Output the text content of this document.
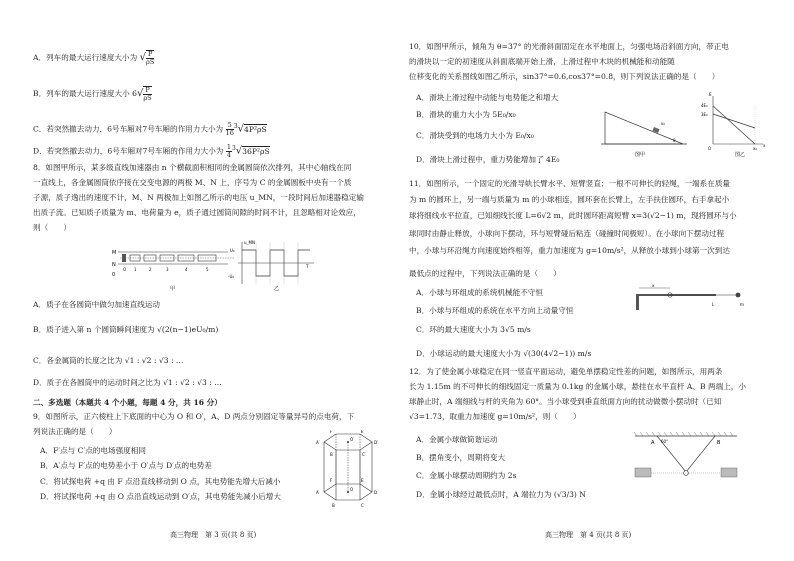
A．列车的最大运行速度大小为 √ $\frac{P}{\rho S}$
B．列车的最大运行速度大小 $6√ \frac{P}{\rho S}$
C．若突然撤去动力，6号车厢对7号车厢的作用力大小为 $\frac{5}{16}^3√4P^2\rho S$
D．若突然撤去动力，6号车厢对7号车厢的作用力大小为 $\frac{1}{4}^3√36P^2\rho S$
8．如图甲所示，某多级直线加速器由 n 个横截面积相同的金属圆筒依次排列，其中心轴线在同
一直线上，各金属圆筒依序接在交变电源的两极 M、N 上，序号为 C 的金属圆板中央有一个质
子源，质子逸出的速度不计，M、N 两极加上如图乙所示的电压 u_MN，一段时间后加速器稳定输
出质子流。已知质子质量为 m、电荷量为 e，质子通过圆筒间隙的时间不计，且忽略相对论效应，
则（　　）
M
N
0
O 1	2	3	4	5
甲
U₀
-U₀
u_MN
T
乙
A．质子在各圆筒中做匀加速直线运动
B．质子进入第 n 个圆筒瞬间速度为 √(2(n−1)eU₀/m)
C．各金属筒的长度之比为 √1 : √2 : √3 : …
D．质子在各圆筒中的运动时间之比为 √1 : √2 : √3 : …
二、多选题（本题共 4 个小题，每题 4 分，共 16 分）
9．如图所示，正六棱柱上下底面的中心为 O 和 O′，A、D 两点分别固定等量异号的点电荷，下
列说法正确的是（　　）
A．F′点与 C′点的电场强度相同
B．A′点与 F′点的电势差小于 O′点与 D′点的电势差
C．将试探电荷 +q 由 F 点沿直线移动到 O 点，其电势能先增大后减小
D．将试探电荷 +q 由 O 点沿直线运动到 O′点，其电势能先减小后增大
F′	E′
O′
D′
A′
B′	C′
F	E
O
D
A
B	C
高三物理　第 3 页(共 8 页)
10．如图甲所示，倾角为 θ=37° 的光滑斜面固定在水平地面上，匀强电场沿斜面方向，带正电
的滑块以一定的初速度从斜面底端开始上滑，上滑过程中木块的机械能和动能随
位移变化的关系图线如图乙所示，sin37°=0.6,cos37°=0.8，则下列说法正确的是（　　）
A．滑块上滑过程中动能与电势能之和增大
B．滑块的重力大小为 5E₀/x₀
C．滑块受到的电场力大小为 E₀/x₀
D．滑块上滑过程中，重力势能增加了 4E₀
v₀
θ
图甲
E
4E₀
3E₀
O	x₀
x
图乙
11．如图所示，一个固定的光滑导轨长臂水平、短臂竖直；一根不可伸长的轻绳，一端系在质量
为 m 的圆环上，另一端与质量为 m 的小球相连，圆环套在长臂上，左手扶住圆环，右手拿起小
球将细线水平拉直，已知细线长度 L=6√2 m，此时圆环距离短臂 x=3(√2−1) m，现将圆环与小
球同时由静止释放，小球向下摆动，环与短臂碰后粘连（碰撞时间极短）。在小球向下摆动过程
中，小球与环沿绳方向速度始终相等，重力加速度为 g=10m/s²，从释放小球到小球第一次到达
最低点的过程中，下列说法正确的是（　　）
A．小球与环组成的系统机械能不守恒
B．小球与环组成的系统在水平方向上动量守恒
C．环的最大速度大小为 3√5 m/s
D．小球运动的最大速度大小为 √(30(4√2−1)) m/s
x
L	m
12．为了使金属小球稳定在同一竖直平面运动，避免单摆稳定性差的问题，如图所示，用两条
长为 1.15m 的不可伸长的细线固定一质量为 0.1kg 的金属小球，悬挂在水平直杆 A、B 两端上，小
球静止时，A 端细线与杆的夹角为 60°。当小球受到垂直纸面方向的扰动做微小摆动时（已知
√3=1.73，取重力加速度 g=10m/s²，则（　　）
A．金属小球做简谐运动
B．摆角变小，周期将变大
C．金属小球摆动周期约为 2s
D．金属小球经过最低点时，A 端拉力为 (√3/3) N
A	B
60°
高三物理　第 4 页(共 8 页)
